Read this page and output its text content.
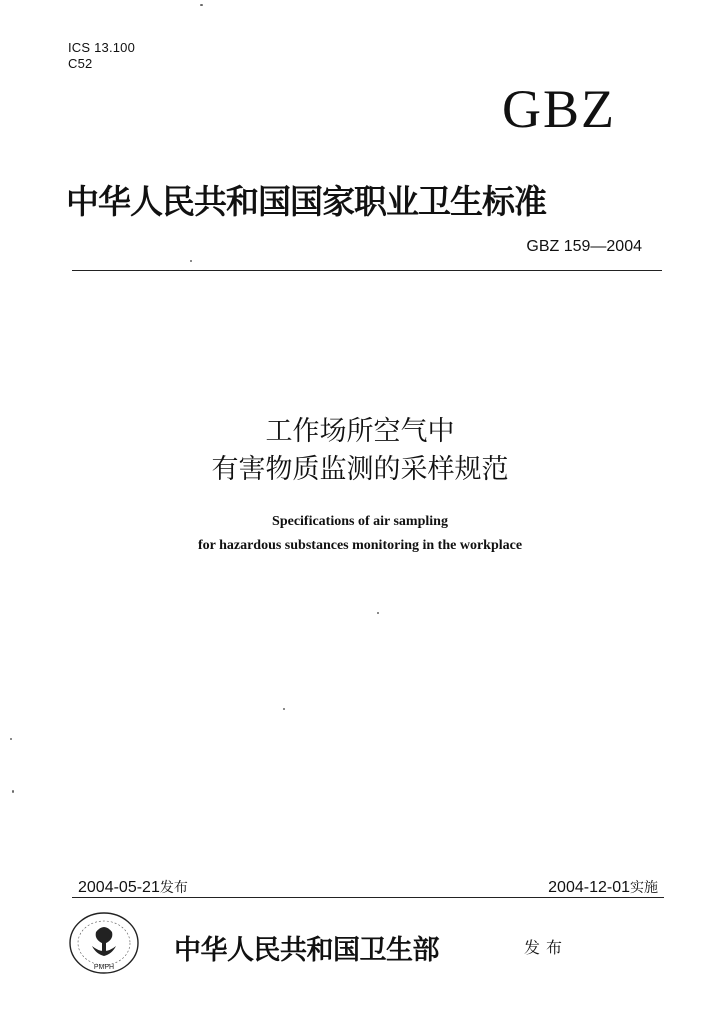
ICS 13.100
C52
GBZ
中华人民共和国国家职业卫生标准
GBZ 159—2004
工作场所空气中
有害物质监测的采样规范
Specifications of air sampling
for hazardous substances monitoring in the workplace
2004-05-21发布	2004-12-01实施
PMPH
中华人民共和国卫生部	发布
